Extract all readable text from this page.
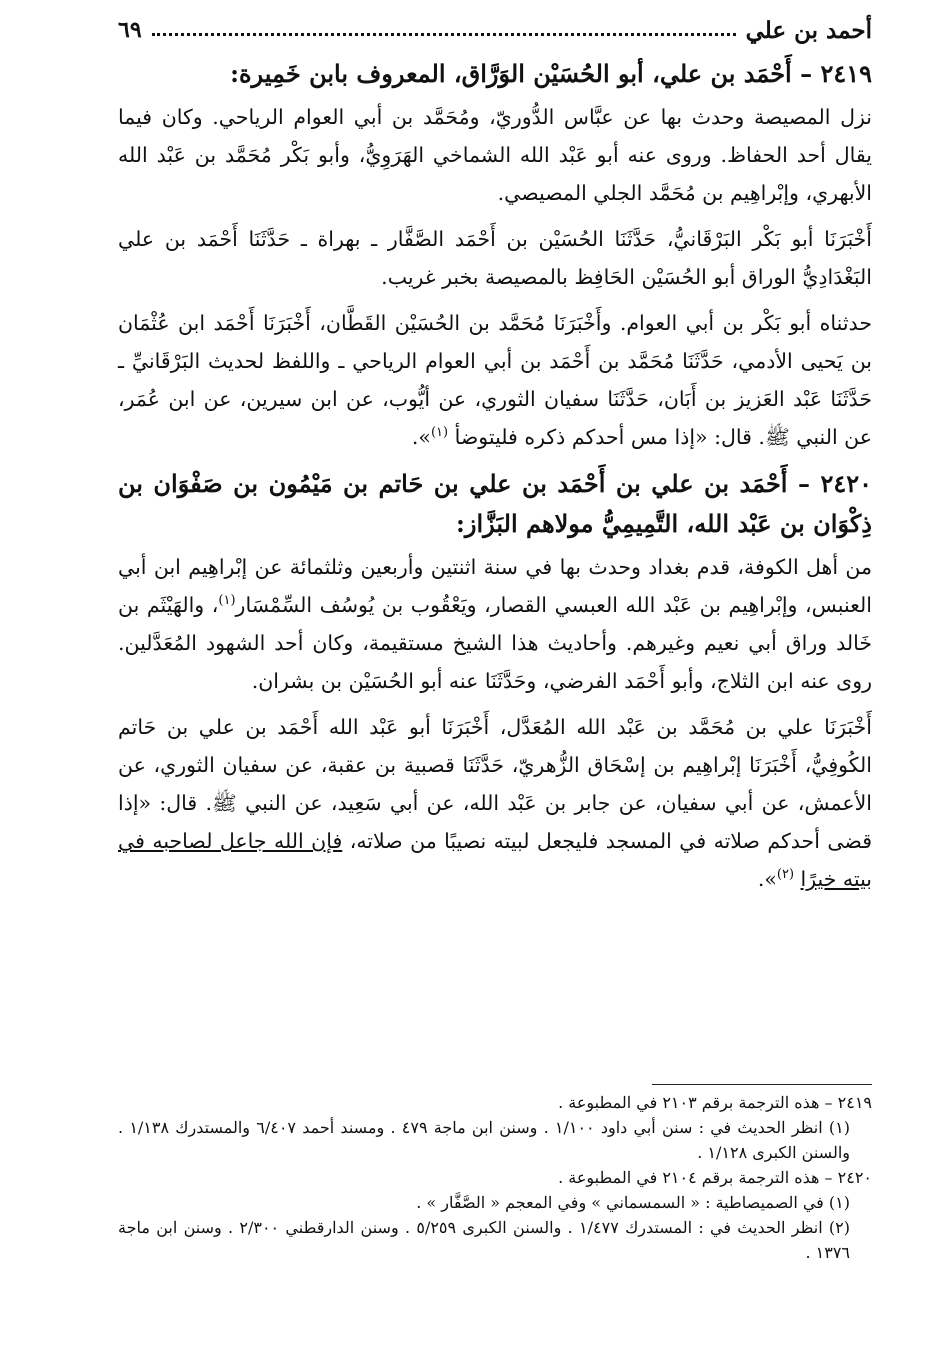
أحمد بن علي
٦٩
٢٤١٩ – أَحْمَد بن علي، أبو الحُسَيْن الوَرَّاق، المعروف بابن خَمِيرة:

نزل المصيصة وحدث بها عن عبَّاس الدُّوريّ، ومُحَمَّد بن أبي العوام الرياحي. وكان فيما يقال أحد الحفاظ. وروى عنه أبو عَبْد الله الشماخي الهَرَوِيُّ، وأبو بَكْر مُحَمَّد بن عَبْد الله الأبهري، وإبْراهِيم بن مُحَمَّد الجلي المصيصي.

أَخْبَرَنَا أبو بَكْر البَرْقَانيُّ، حَدَّثَنَا الحُسَيْن بن أَحْمَد الصَّفَّار ـ بهراة ـ حَدَّثَنَا أَحْمَد بن علي البَغْدَادِيُّ الوراق أبو الحُسَيْن الحَافِظ بالمصيصة بخبر غريب.

حدثناه أبو بَكْر بن أبي العوام. وأَخْبَرَنَا مُحَمَّد بن الحُسَيْن القَطَّان، أَخْبَرَنَا أَحْمَد ابن عُثْمَان بن يَحيى الأدمي، حَدَّثَنَا مُحَمَّد بن أَحْمَد بن أبي العوام الرياحي ـ واللفظ لحديث البَرْقَانيِّ ـ حَدَّثَنَا عَبْد العَزيز بن أَبَان، حَدَّثَنَا سفيان الثوري، عن أيُّوب، عن ابن سيرين، عن ابن عُمَر، عن النبي ﷺ. قال: «إذا مس أحدكم ذكره فليتوضأ $^{(١)}$».

٢٤٢٠ – أَحْمَد بن علي بن أَحْمَد بن علي بن حَاتم بن مَيْمُون بن صَفْوَان بن ذِكْوَان بن عَبْد الله، التَّمِيمِيُّ مولاهم البَزَّاز:

من أهل الكوفة، قدم بغداد وحدث بها في سنة اثنتين وأربعين وثلثمائة عن إبْراهِيم ابن أبي العنبس، وإبْراهِيم بن عَبْد الله العبسي القصار، ويَعْقُوب بن يُوسُف السِّمْسَار$^{(١)}$، والهَيْثَم بن خَالد وراق أبي نعيم وغيرهم. وأحاديث هذا الشيخ مستقيمة، وكان أحد الشهود المُعَدَّلين. روى عنه ابن الثلاج، وأبو أَحْمَد الفرضي، وحَدَّثَنَا عنه أبو الحُسَيْن بن بشران.

أَخْبَرَنَا علي بن مُحَمَّد بن عَبْد الله المُعَدَّل، أَخْبَرَنَا أبو عَبْد الله أَحْمَد بن علي بن حَاتم الكُوفِيُّ، أَخْبَرَنَا إبْراهِيم بن إسْحَاق الزُّهريّ، حَدَّثَنَا قصبية بن عقبة، عن سفيان الثوري، عن الأعمش، عن أبي سفيان، عن جابر بن عَبْد الله، عن أبي سَعِيد، عن النبي ﷺ. قال: «إذا قضى أحدكم صلاته في المسجد فليجعل لبيته نصيبًا من صلاته، فإن الله جاعل لصاحبه في بيته خيرًا $^{(٢)}$».

٢٤١٩ – هذه الترجمة برقم ٢١٠٣ في المطبوعة .

(١) انظر الحديث في : سنن أبي داود ١/١٠٠ . وسنن ابن ماجة ٤٧٩ . ومسند أحمد ٦/٤٠٧ والمستدرك ١/١٣٨ . والسنن الكبرى ١/١٢٨ .

٢٤٢٠ – هذه الترجمة برقم ٢١٠٤ في المطبوعة .

(١) في الصميصاطية : « السمسماني » وفي المعجم « الصَّفَّار » .

(٢) انظر الحديث في : المستدرك ١/٤٧٧ . والسنن الكبرى ٥/٢٥٩ . وسنن الدارقطني ٢/٣٠٠ . وسنن ابن ماجة ١٣٧٦ .
